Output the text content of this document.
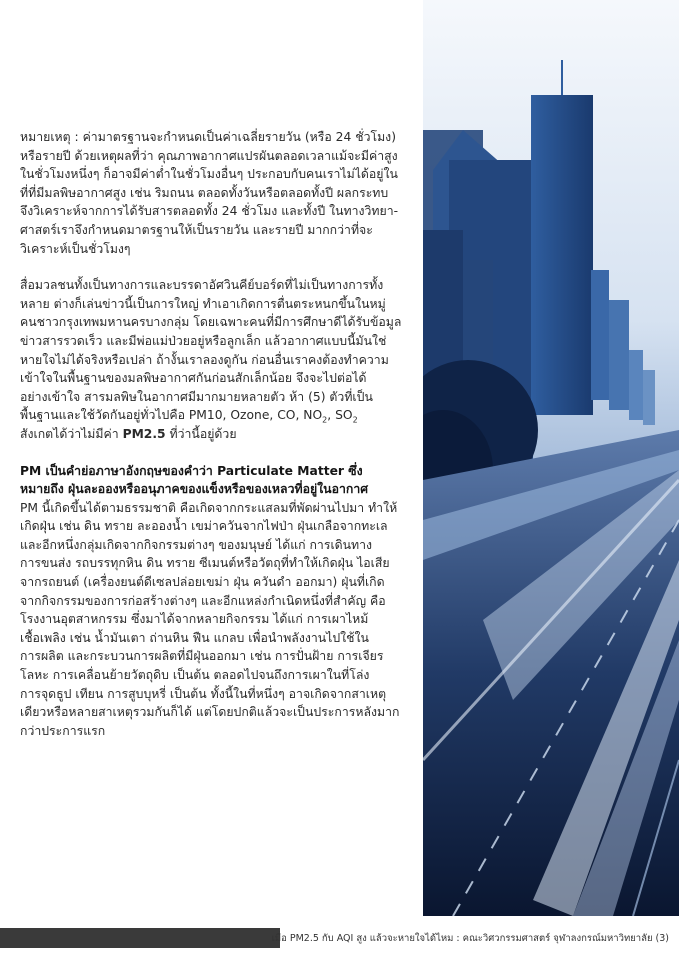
หมายเหตุ : ค่ามาตรฐานจะกำหนดเป็นค่าเฉลี่ยรายวัน (หรือ 24 ชั่วโมง)
หรือรายปี ด้วยเหตุผลที่ว่า คุณภาพอากาศแปรผันตลอดเวลาแม้จะมีค่าสูง
ในชั่วโมงหนึ่งๆ ก็อาจมีค่าต่ำในชั่วโมงอื่นๆ ประกอบกับคนเราไม่ได้อยู่ใน
ที่ที่มีมลพิษอากาศสูง เช่น ริมถนน ตลอดทั้งวันหรือตลอดทั้งปี ผลกระทบ
จึงวิเคราะห์จากการได้รับสารตลอดทั้ง 24 ชั่วโมง และทั้งปี ในทางวิทยา-
ศาสตร์เราจึงกำหนดมาตรฐานให้เป็นรายวัน และรายปี มากกว่าที่จะ
วิเคราะห์เป็นชั่วโมงๆ

สื่อมวลชนทั้งเป็นทางการและบรรดาอัศวินคีย์บอร์ดที่ไม่เป็นทางการทั้ง
หลาย ต่างก็เล่นข่าวนี้เป็นการใหญ่ ทำเอาเกิดการตื่นตระหนกขึ้นในหมู่
คนชาวกรุงเทพมหานครบางกลุ่ม โดยเฉพาะคนที่มีการศึกษาดีได้รับข้อมูล
ข่าวสารรวดเร็ว และมีพ่อแม่ป่วยอยู่หรือลูกเล็ก แล้วอากาศแบบนี้มันใช่
หายใจไม่ได้จริงหรือเปล่า ถ้างั้นเราลองดูกัน ก่อนอื่นเราคงต้องทำความ
เข้าใจในพื้นฐานของมลพิษอากาศกันก่อนสักเล็กน้อย จึงจะไปต่อได้
อย่างเข้าใจ สารมลพิษในอากาศมีมากมายหลายตัว ห้า (5) ตัวที่เป็น
พื้นฐานและใช้วัดกันอยู่ทั่วไปคือ PM10, Ozone, CO, $NO_2$, $SO_2$
สังเกตได้ว่าไม่มีค่า PM2.5 ที่ว่านี้อยู่ด้วย

PM เป็นคำย่อภาษาอังกฤษของคำว่า Particulate Matter ซึ่ง
หมายถึง ฝุ่นละอองหรืออนุภาคของแข็งหรือของเหลวที่อยู่ในอากาศ

PM นี้เกิดขึ้นได้ตามธรรมชาติ คือเกิดจากกระแสลมที่พัดผ่านไปมา ทำให้
เกิดฝุ่น เช่น ดิน ทราย ละอองน้ำ เขม่าควันจากไฟป่า ฝุ่นเกลือจากทะเล
และอีกหนึ่งกลุ่มเกิดจากกิจกรรมต่างๆ ของมนุษย์ ได้แก่ การเดินทาง
การขนส่ง รถบรรทุกหิน ดิน ทราย ซีเมนต์หรือวัตถุที่ทำให้เกิดฝุ่น ไอเสีย
จากรถยนต์ (เครื่องยนต์ดีเซลปล่อยเขม่า ฝุ่น ควันดำ ออกมา) ฝุ่นที่เกิด
จากกิจกรรมของการก่อสร้างต่างๆ และอีกแหล่งกำเนิดหนึ่งที่สำคัญ คือ
โรงงานอุตสาหกรรม ซึ่งมาได้จากหลายกิจกรรม ได้แก่ การเผาไหม้
เชื้อเพลิง เช่น น้ำมันเตา ถ่านหิน ฟืน แกลบ เพื่อนำพลังงานไปใช้ใน
การผลิต และกระบวนการผลิตที่มีฝุ่นออกมา เช่น การปั่นฝ้าย การเจียร
โลหะ การเคลื่อนย้ายวัตถุดิบ เป็นต้น ตลอดไปจนถึงการเผาในที่โล่ง
การจุดธูป เทียน การสูบบุหรี่ เป็นต้น ทั้งนี้ในที่หนึ่งๆ อาจเกิดจากสาเหตุ
เดียวหรือหลายสาเหตุรวมกันก็ได้ แต่โดยปกติแล้วจะเป็นประการหลังมาก
กว่าประการแรก

เมื่อ PM2.5 กับ AQI สูง แล้วจะหายใจได้ไหม : คณะวิศวกรรมศาสตร์ จุฬาลงกรณ์มหาวิทยาลัย (3)
